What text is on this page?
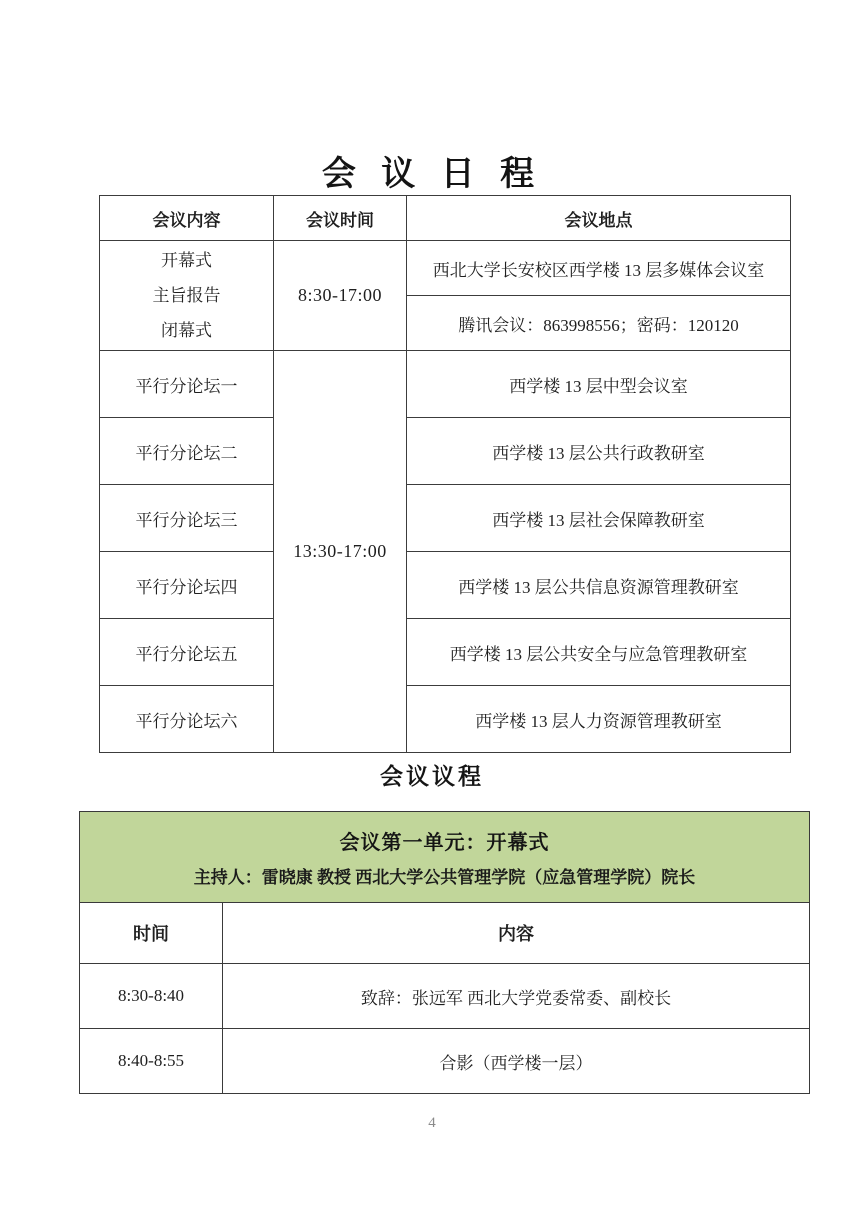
会 议 日 程
会议内容	会议时间	会议地点

开幕式
主旨报告
闭幕式	8:30-17:00	西北大学长安校区西学楼 13 层多媒体会议室
		腾讯会议：863998556；密码：120120
平行分论坛一	13:30-17:00	西学楼 13 层中型会议室
平行分论坛二		西学楼 13 层公共行政教研室
平行分论坛三		西学楼 13 层社会保障教研室
平行分论坛四		西学楼 13 层公共信息资源管理教研室
平行分论坛五		西学楼 13 层公共安全与应急管理教研室
平行分论坛六		西学楼 13 层人力资源管理教研室
会议议程
会议第一单元：开幕式
主持人：雷晓康 教授 西北大学公共管理学院（应急管理学院）院长	

时间	内容
8:30-8:40	致辞：张远军 西北大学党委常委、副校长
8:40-8:55	合影（西学楼一层）
4
